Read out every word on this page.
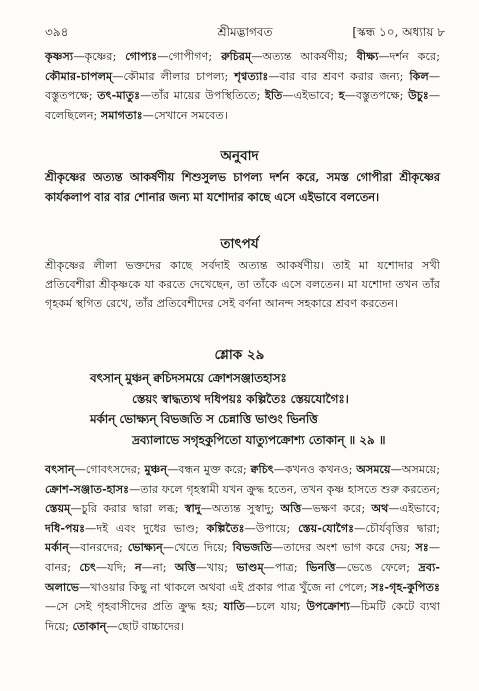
৩৯৪	শ্রীমদ্ভাগবত	[স্কন্ধ ১০, অধ্যায় ৮
কৃষ্ণস্য—কৃষ্ণের; গোপ্যঃ—গোপীগণ; রুচিরম্—অত্যন্ত আকর্ষণীয়; বীক্ষ্য—দর্শন করে; কৌমার-চাপলম্—কৌমার লীলার চাপল্য; শৃণ্বত্যাঃ—বার বার শ্রবণ করার জন্য; কিল—বস্তুতপক্ষে; তৎ-মাতুঃ—তাঁর মায়ের উপস্থিতিতে; ইতি—এইভাবে; হ—বস্তুতপক্ষে; উচুঃ—বলেছিলেন; সমাগতাঃ—সেখানে সমবেত।
অনুবাদ
শ্রীকৃষ্ণের অত্যন্ত আকর্ষণীয় শিশুসুলভ চাপল্য দর্শন করে, সমস্ত গোপীরা শ্রীকৃষ্ণের কার্যকলাপ বার বার শোনার জন্য মা যশোদার কাছে এসে এইভাবে বলতেন।
তাৎপর্য
শ্রীকৃষ্ণের লীলা ভক্তদের কাছে সর্বদাই অত্যন্ত আকর্ষণীয়। তাই মা যশোদার সখী প্রতিবেশীরা শ্রীকৃষ্ণকে যা করতে দেখেছেন, তা তাঁকে এসে বলতেন। মা যশোদা তখন তাঁর গৃহকর্ম স্থগিত রেখে, তাঁর প্রতিবেশীদের সেই বর্ণনা আনন্দ সহকারে শ্রবণ করতেন।
শ্লোক ২৯
বৎসান্ মুঞ্চন্ ক্বচিদসময়ে ক্রোশসঞ্জাতহাসঃ
স্তেয়ং স্বাদ্ধত্যথ দধিপয়ঃ কল্পিতৈঃ স্তেয়যোগৈঃ।
মর্কান্ ভোক্ষ্যন্ বিভজতি স চেন্নাত্তি ভাণ্ডং ভিনত্তি
দ্রব্যালাভে সগৃহকুপিতো যাত্যুপক্রোশ্য তোকান্ ॥ ২৯ ॥
বৎসান্—গোবৎসদের; মুঞ্চন্—বন্ধন মুক্ত করে; ক্বচিৎ—কখনও কখনও; অসময়ে—অসময়ে; ক্রোশ-সঞ্জাত-হাসঃ—তার ফলে গৃহস্বামী যখন ক্রুদ্ধ হতেন, তখন কৃষ্ণ হাসতে শুরু করতেন; স্তেয়ম্—চুরি করার দ্বারা লব্ধ; স্বাদু—অত্যন্ত সুস্বাদু; অত্তি—ভক্ষণ করে; অথ—এইভাবে; দধি-পয়ঃ—দই এবং দুধের ভাণ্ড; কল্পিতৈঃ—উপায়ে; স্তেয়-যোগৈঃ—চৌর্যবৃত্তির দ্বারা; মর্কান্—বানরদের; ভোক্ষ্যন্—খেতে দিয়ে; বিভজতি—তাদের অংশ ভাগ করে দেয়; সঃ—বানর; চেৎ—যদি; ন—না; অত্তি—খায়; ভাণ্ডম্—পাত্র; ভিনত্তি—ভেঙে ফেলে; দ্রব্য-অলাভে—খাওয়ার কিছু না থাকলে অথবা এই প্রকার পাত্র খুঁজে না পেলে; সঃ-গৃহ-কুপিতঃ—সে সেই গৃহবাসীদের প্রতি ক্রুদ্ধ হয়; যাতি—চলে যায়; উপক্রোশ্য—চিমটি কেটে ব্যথা দিয়ে; তোকান্—ছোট বাচ্চাদের।
